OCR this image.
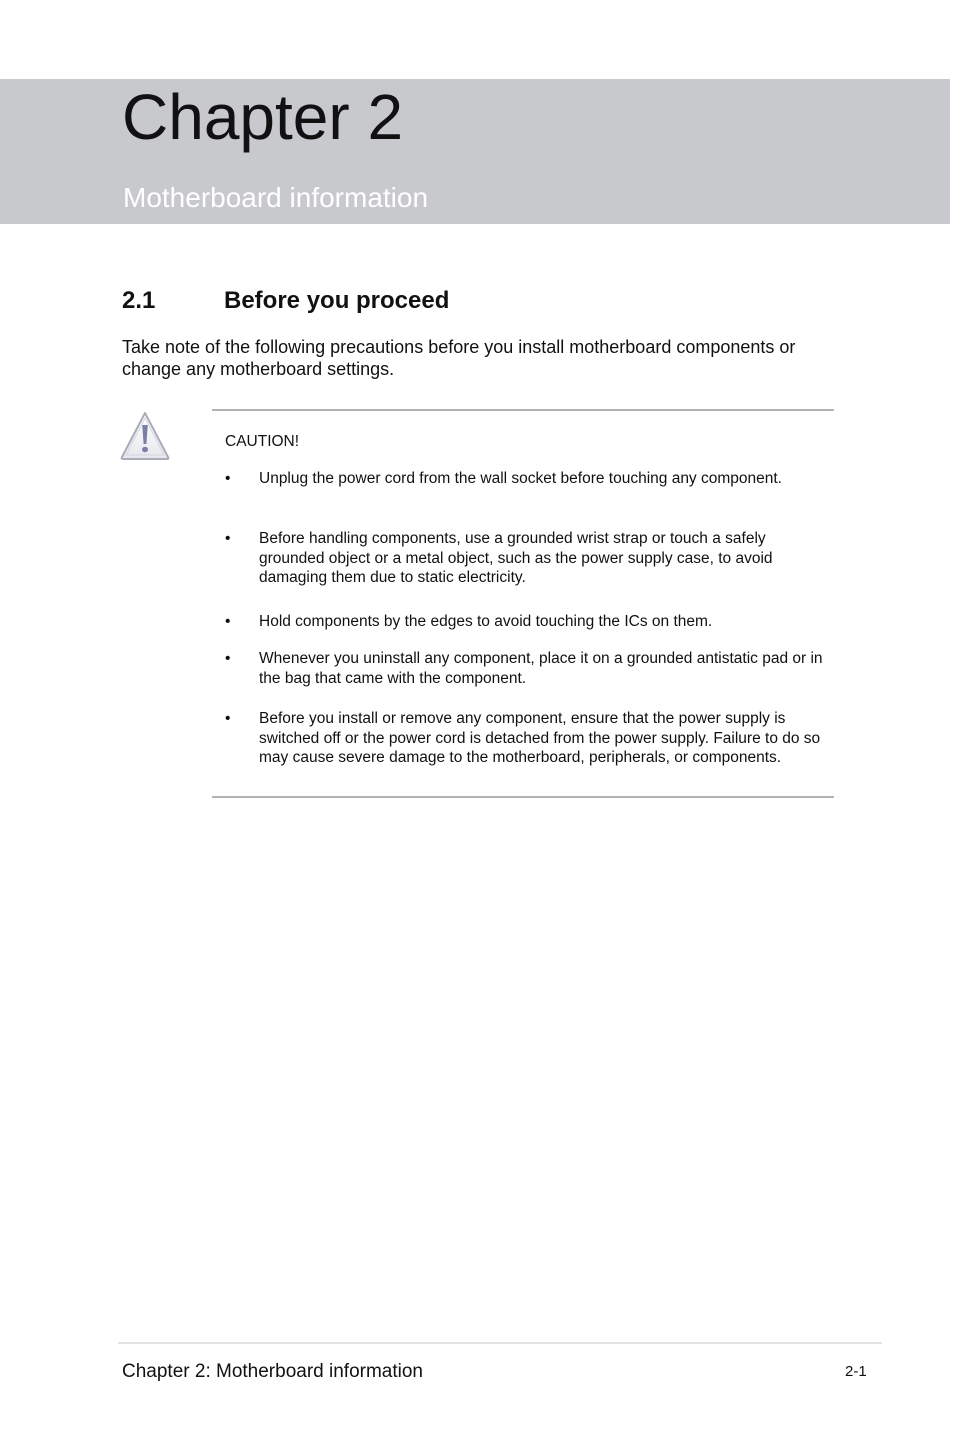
Chapter 2
Motherboard information
2.1	Before you proceed

Take note of the following precautions before you install motherboard components or change any motherboard settings.

CAUTION!
• Unplug the power cord from the wall socket before touching any component.
• Before handling components, use a grounded wrist strap or touch a safely grounded object or a metal object, such as the power supply case, to avoid damaging them due to static electricity.
• Hold components by the edges to avoid touching the ICs on them.
• Whenever you uninstall any component, place it on a grounded antistatic pad or in the bag that came with the component.
• Before you install or remove any component, ensure that the power supply is switched off or the power cord is detached from the power supply. Failure to do so may cause severe damage to the motherboard, peripherals, or components.
Chapter 2: Motherboard information	2-1
